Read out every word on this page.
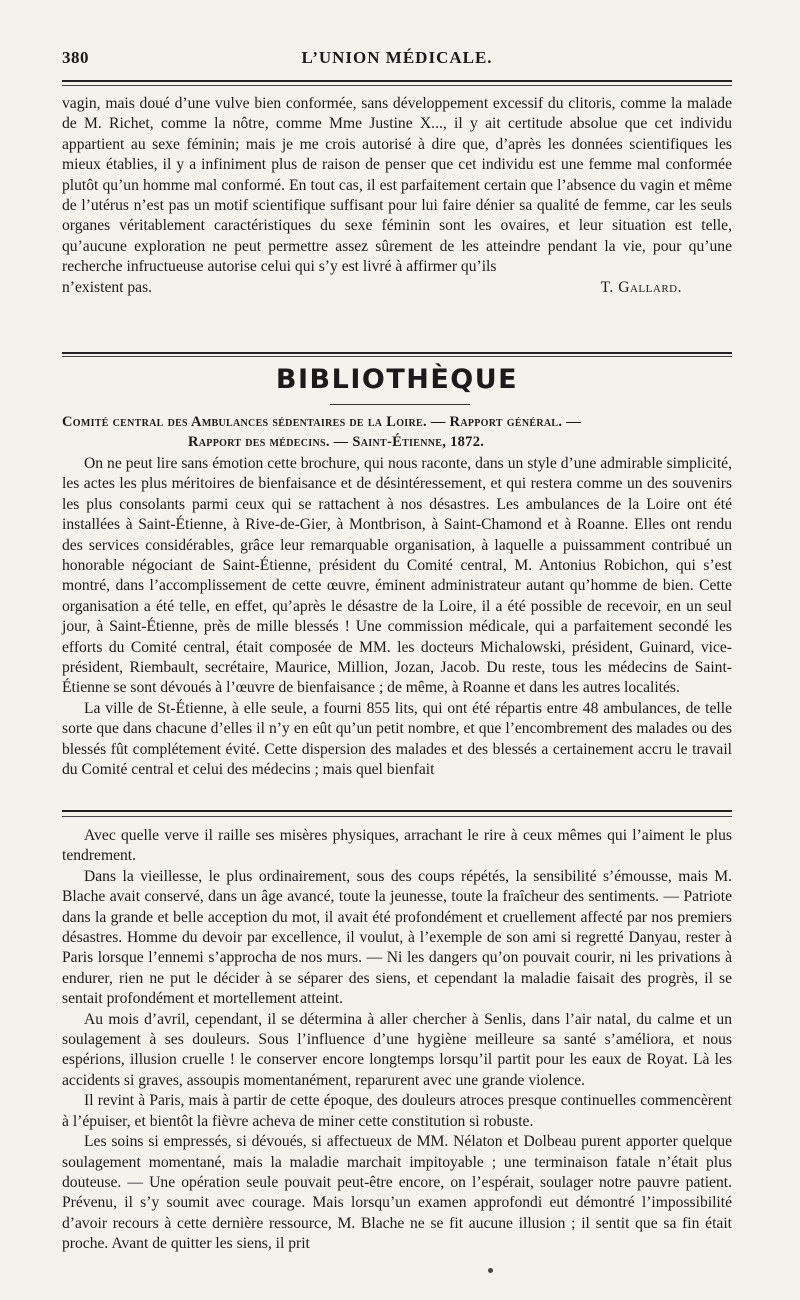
380	L’UNION MÉDICALE.

vagin, mais doué d’une vulve bien conformée, sans développement excessif du clitoris, comme la malade de M. Richet, comme la nôtre, comme Mme Justine X..., il y ait certitude absolue que cet individu appartient au sexe féminin; mais je me crois autorisé à dire que, d’après les données scientifiques les mieux établies, il y a infiniment plus de raison de penser que cet individu est une femme mal conformée plutôt qu’un homme mal conformé. En tout cas, il est parfaitement certain que l’absence du vagin et même de l’utérus n’est pas un motif scientifique suffisant pour lui faire dénier sa qualité de femme, car les seuls organes véritablement caractéristiques du sexe féminin sont les ovaires, et leur situation est telle, qu’aucune exploration ne peut permettre assez sûrement de les atteindre pendant la vie, pour qu’une recherche infructueuse autorise celui qui s’y est livré à affirmer qu’ils

n’existent pas.	T. Gallard.

BIBLIOTHÈQUE
Comité central des Ambulances sédentaires de la Loire. — Rapport général. —
Rapport des médecins. — Saint-Étienne, 1872.

On ne peut lire sans émotion cette brochure, qui nous raconte, dans un style d’une admirable simplicité, les actes les plus méritoires de bienfaisance et de désintéressement, et qui restera comme un des souvenirs les plus consolants parmi ceux qui se rattachent à nos désastres. Les ambulances de la Loire ont été installées à Saint-Étienne, à Rive-de-Gier, à Montbrison, à Saint-Chamond et à Roanne. Elles ont rendu des services considérables, grâce leur remarquable organisation, à laquelle a puissamment contribué un honorable négociant de Saint-Étienne, président du Comité central, M. Antonius Robichon, qui s’est montré, dans l’accomplissement de cette œuvre, éminent administrateur autant qu’homme de bien. Cette organisation a été telle, en effet, qu’après le désastre de la Loire, il a été possible de recevoir, en un seul jour, à Saint-Étienne, près de mille blessés ! Une commission médicale, qui a parfaitement secondé les efforts du Comité central, était composée de MM. les docteurs Michalowski, président, Guinard, vice-président, Riembault, secrétaire, Maurice, Million, Jozan, Jacob. Du reste, tous les médecins de Saint-Étienne se sont dévoués à l’œuvre de bienfaisance ; de même, à Roanne et dans les autres localités.

La ville de St-Étienne, à elle seule, a fourni 855 lits, qui ont été répartis entre 48 ambulances, de telle sorte que dans chacune d’elles il n’y en eût qu’un petit nombre, et que l’encombrement des malades ou des blessés fût complétement évité. Cette dispersion des malades et des blessés a certainement accru le travail du Comité central et celui des médecins ; mais quel bienfait

Avec quelle verve il raille ses misères physiques, arrachant le rire à ceux mêmes qui l’aiment le plus tendrement.

Dans la vieillesse, le plus ordinairement, sous des coups répétés, la sensibilité s’émousse, mais M. Blache avait conservé, dans un âge avancé, toute la jeunesse, toute la fraîcheur des sentiments. — Patriote dans la grande et belle acception du mot, il avait été profondément et cruellement affecté par nos premiers désastres. Homme du devoir par excellence, il voulut, à l’exemple de son ami si regretté Danyau, rester à Paris lorsque l’ennemi s’approcha de nos murs. — Ni les dangers qu’on pouvait courir, ni les privations à endurer, rien ne put le décider à se séparer des siens, et cependant la maladie faisait des progrès, il se sentait profondément et mortellement atteint.

Au mois d’avril, cependant, il se détermina à aller chercher à Senlis, dans l’air natal, du calme et un soulagement à ses douleurs. Sous l’influence d’une hygiène meilleure sa santé s’améliora, et nous espérions, illusion cruelle ! le conserver encore longtemps lorsqu’il partit pour les eaux de Royat. Là les accidents si graves, assoupis momentanément, reparurent avec une grande violence.

Il revint à Paris, mais à partir de cette époque, des douleurs atroces presque continuelles commencèrent à l’épuiser, et bientôt la fièvre acheva de miner cette constitution si robuste.

Les soins si empressés, si dévoués, si affectueux de MM. Nélaton et Dolbeau purent apporter quelque soulagement momentané, mais la maladie marchait impitoyable ; une terminaison fatale n’était plus douteuse. — Une opération seule pouvait peut-être encore, on l’espérait, soulager notre pauvre patient. Prévenu, il s’y soumit avec courage. Mais lorsqu’un examen approfondi eut démontré l’impossibilité d’avoir recours à cette dernière ressource, M. Blache ne se fit aucune illusion ; il sentit que sa fin était proche. Avant de quitter les siens, il prit
